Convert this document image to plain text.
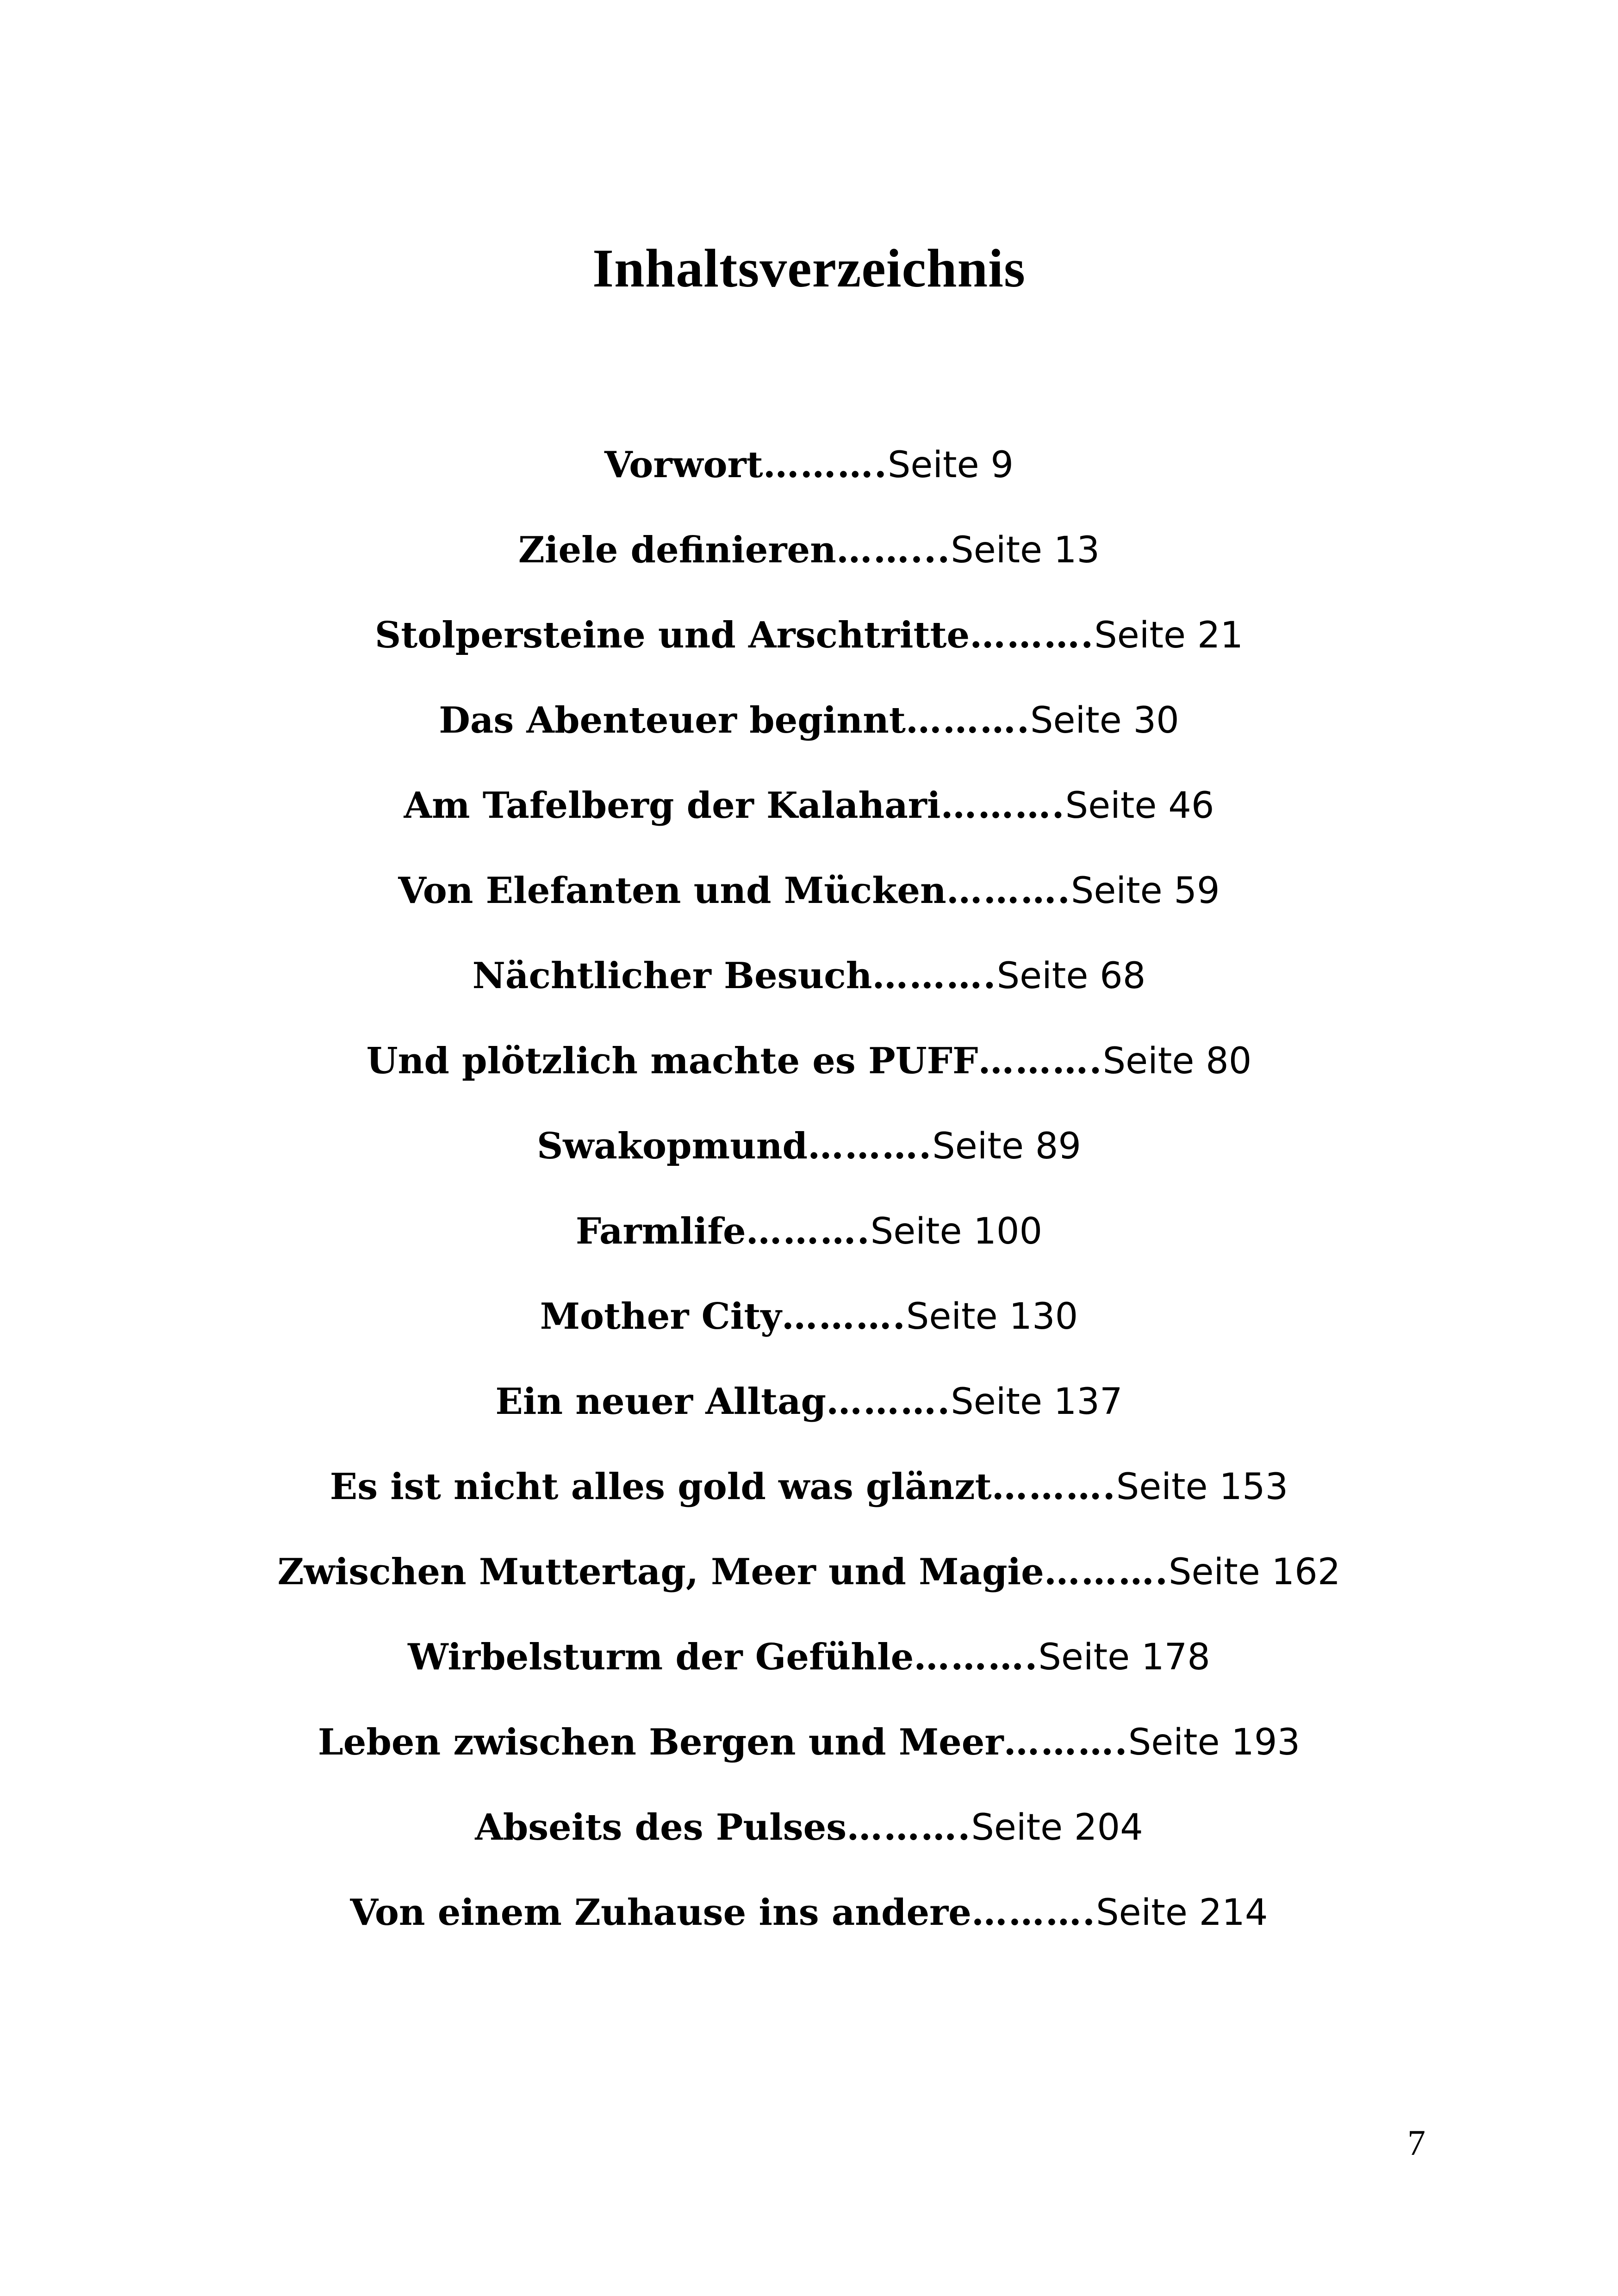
Inhaltsverzeichnis
Vorwort……….Seite 9
Ziele definieren……...Seite 13
Stolpersteine und Arschtritte……….Seite 21
Das Abenteuer beginnt……….Seite 30
Am Tafelberg der Kalahari……….Seite 46
Von Elefanten und Mücken……….Seite 59
Nächtlicher Besuch……….Seite 68
Und plötzlich machte es PUFF……….Seite 80
Swakopmund……….Seite 89
Farmlife……….Seite 100
Mother City……….Seite 130
Ein neuer Alltag……….Seite 137
Es ist nicht alles gold was glänzt……….Seite 153
Zwischen Muttertag, Meer und Magie……….Seite 162
Wirbelsturm der Gefühle……….Seite 178
Leben zwischen Bergen und Meer……….Seite 193
Abseits des Pulses……….Seite 204
Von einem Zuhause ins andere……….Seite 214
7
